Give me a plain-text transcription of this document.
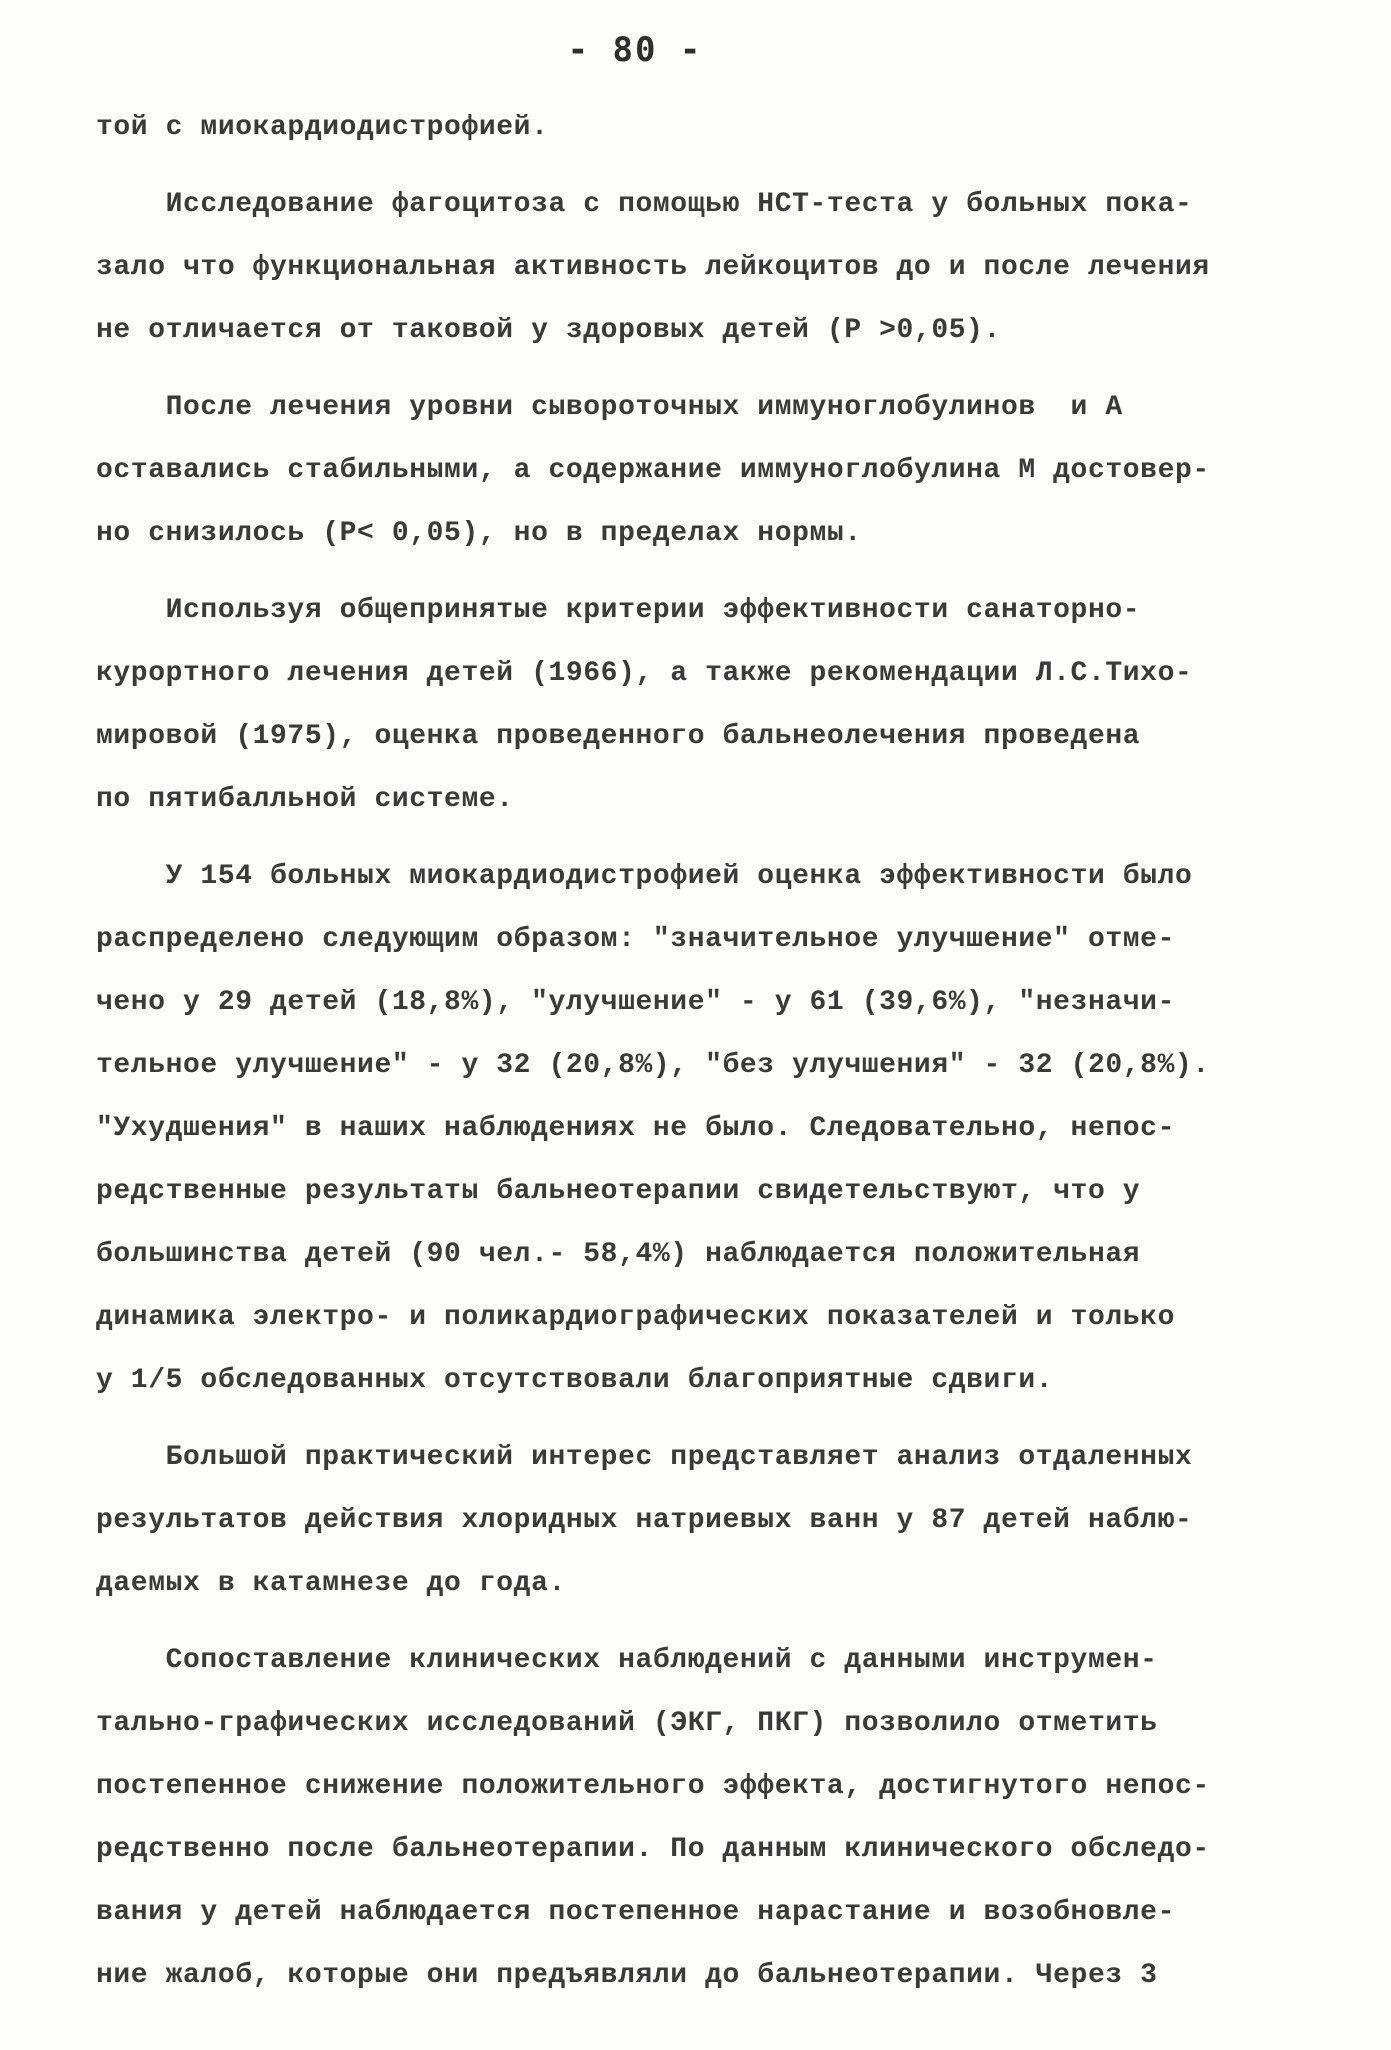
- 80 -
той с миокардиодистрофией.
Исследование фагоцитоза с помощью НСТ-теста у больных пока-
зало что функциональная активность лейкоцитов до и после лечения
не отличается от таковой у здоровых детей (Р >0,05).
После лечения уровни сывороточных иммуноглобулинов  и А
оставались стабильными, а содержание иммуноглобулина М достовер-
но снизилось (Р< 0,05), но в пределах нормы.
Используя общепринятые критерии эффективности санаторно-
курортного лечения детей (1966), а также рекомендации Л.С.Тихо-
мировой (1975), оценка проведенного бальнеолечения проведена
по пятибалльной системе.
У 154 больных миокардиодистрофией оценка эффективности было
распределено следующим образом: "значительное улучшение" отме-
чено у 29 детей (18,8%), "улучшение" - у 61 (39,6%), "незначи-
тельное улучшение" - у 32 (20,8%), "без улучшения" - 32 (20,8%).
"Ухудшения" в наших наблюдениях не было. Следовательно, непос-
редственные результаты бальнеотерапии свидетельствуют, что у
большинства детей (90 чел.- 58,4%) наблюдается положительная
динамика электро- и поликардиографических показателей и только
у 1/5 обследованных отсутствовали благоприятные сдвиги.
Большой практический интерес представляет анализ отдаленных
результатов действия хлоридных натриевых ванн у 87 детей наблю-
даемых в катамнезе до года.
Сопоставление клинических наблюдений с данными инструмен-
тально-графических исследований (ЭКГ, ПКГ) позволило отметить
постепенное снижение положительного эффекта, достигнутого непос-
редственно после бальнеотерапии. По данным клинического обследо-
вания у детей наблюдается постепенное нарастание и возобновле-
ние жалоб, которые они предъявляли до бальнеотерапии. Через 3
